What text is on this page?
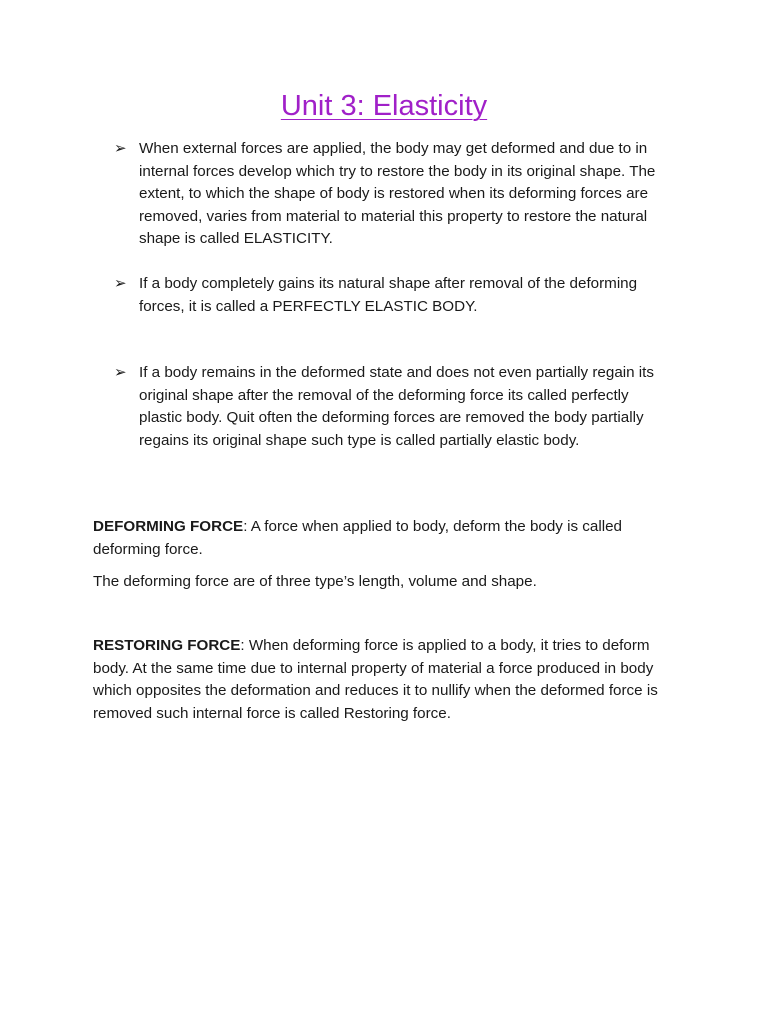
Unit 3: Elasticity
➢ When external forces are applied, the body may get deformed and due to in internal forces develop which try to restore the body in its original shape. The extent, to which the shape of body is restored when its deforming forces are removed, varies from material to material this property to restore the natural shape is called ELASTICITY.
➢ If a body completely gains its natural shape after removal of the deforming forces, it is called a PERFECTLY ELASTIC BODY.
➢ If a body remains in the deformed state and does not even partially regain its original shape after the removal of the deforming force its called perfectly plastic body. Quit often the deforming forces are removed the body partially regains its original shape such type is called partially elastic body.

DEFORMING FORCE: A force when applied to body, deform the body is called deforming force.

The deforming force are of three type’s length, volume and shape.

RESTORING FORCE: When deforming force is applied to a body, it tries to deform body. At the same time due to internal property of material a force produced in body which opposites the deformation and reduces it to nullify when the deformed force is removed such internal force is called Restoring force.
